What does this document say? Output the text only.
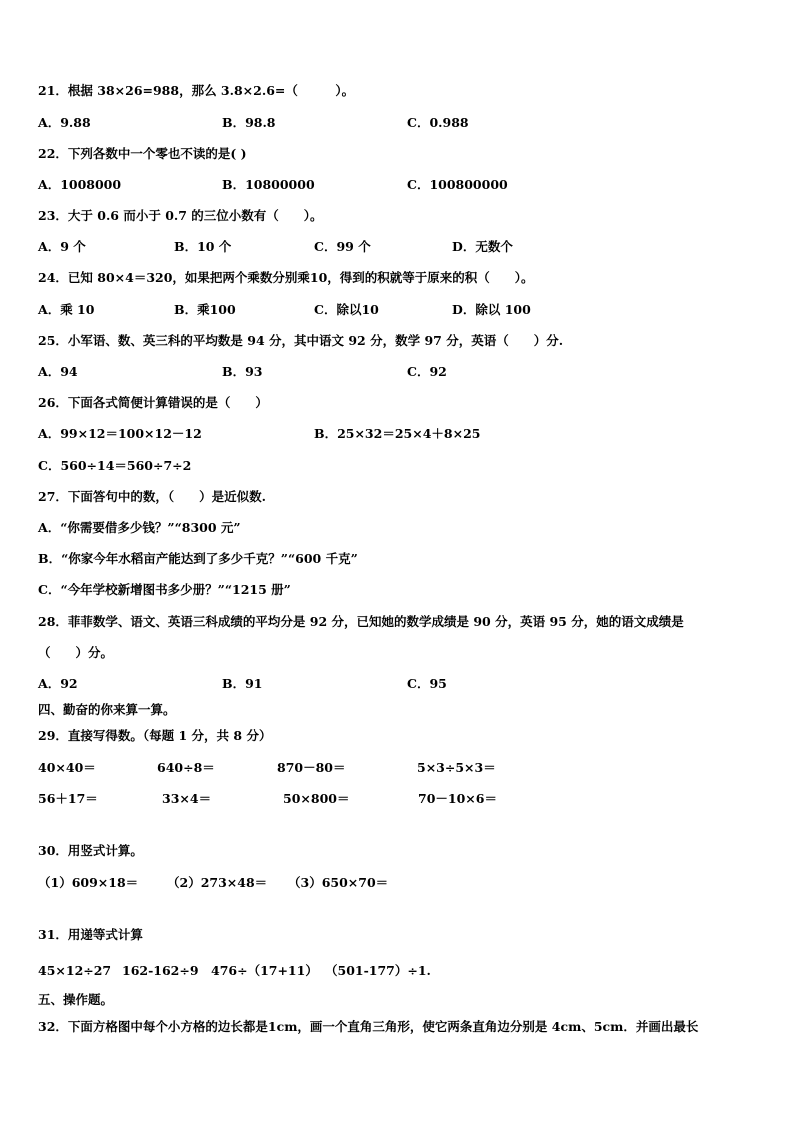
21．根据 38×26=988，那么 3.8×2.6=（　　　）。
A．9.88	B．98.8	C．0.988
22．下列各数中一个零也不读的是( )
A．1008000	B．10800000	C．100800000
23．大于 0.6 而小于 0.7 的三位小数有（　　）。
A．9 个	B．10 个	C．99 个	D．无数个
24．已知 80×4＝320，如果把两个乘数分别乘10，得到的积就等于原来的积（　　）。
A．乘 10	B．乘100	C．除以10	D．除以 100
25．小军语、数、英三科的平均数是 94 分，其中语文 92 分，数学 97 分，英语（　　）分.
A．94	B．93	C．92
26．下面各式简便计算错误的是（　　）
A．99×12＝100×12－12	B．25×32＝25×4＋8×25
C．560÷14＝560÷7÷2
27．下面答句中的数，（　　）是近似数.
A．“你需要借多少钱？”“8300 元”
B．“你家今年水稻亩产能达到了多少千克？”“600 千克”
C．“今年学校新增图书多少册？”“1215 册”
28．菲菲数学、语文、英语三科成绩的平均分是 92 分，已知她的数学成绩是 90 分，英语 95 分，她的语文成绩是
（　　）分。
A．92	B．91	C．95
四、勤奋的你来算一算。
29．直接写得数。（每题 1 分，共 8 分）
40×40＝	640÷8＝	870－80＝	5×3÷5×3＝
56＋17＝	33×4＝	50×800＝	70－10×6＝
30．用竖式计算。
（1）609×18＝ （2）273×48＝ （3）650×70＝
31．用递等式计算
45×12÷27 162-162÷9 476÷（17+11） （501-177）÷1.
五、操作题。
32．下面方格图中每个小方格的边长都是1cm，画一个直角三角形，使它两条直角边分别是 4cm、5cm．并画出最长
